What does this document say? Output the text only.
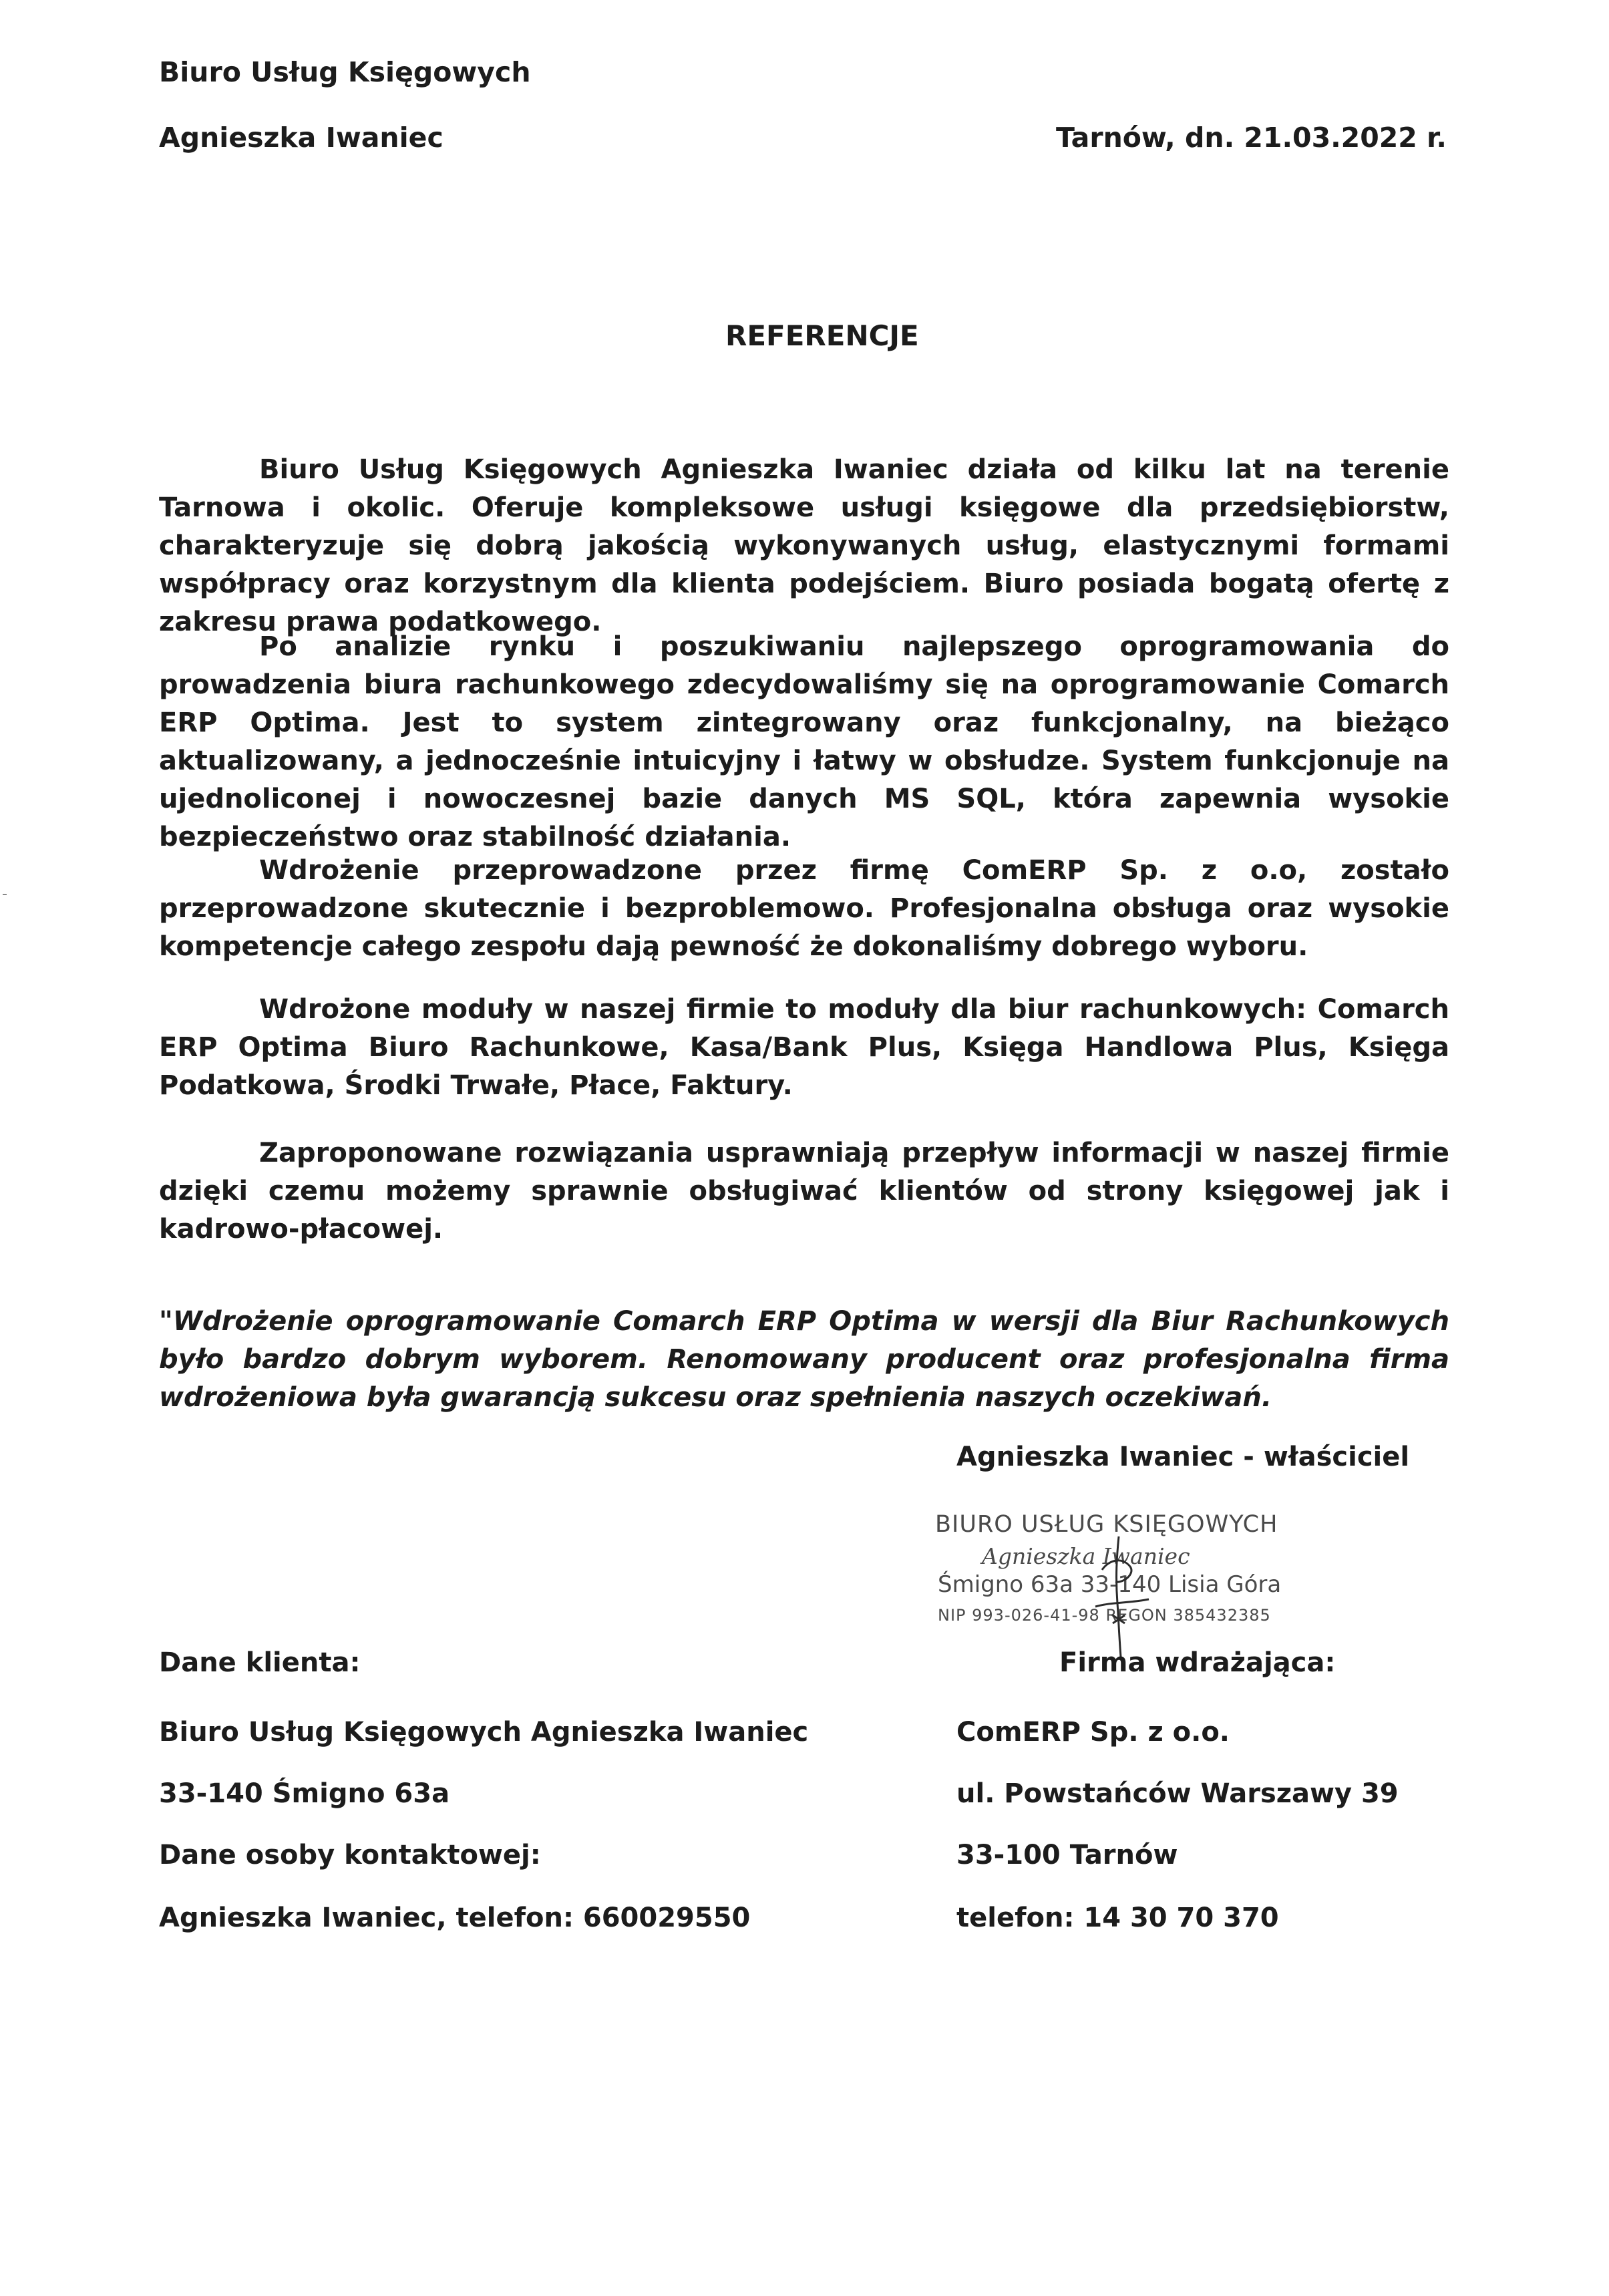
Biuro Usług Księgowych

Agnieszka Iwaniec	Tarnów, dn. 21.03.2022 r.

REFERENCJE

Biuro Usług Księgowych Agnieszka Iwaniec działa od kilku lat na terenie Tarnowa i okolic. Oferuje kompleksowe usługi księgowe dla przedsiębiorstw, charakteryzuje się dobrą jakością wykonywanych usług, elastycznymi formami współpracy oraz korzystnym dla klienta podejściem. Biuro posiada bogatą ofertę z zakresu prawa podatkowego.

Po analizie rynku i poszukiwaniu najlepszego oprogramowania do prowadzenia biura rachunkowego zdecydowaliśmy się na oprogramowanie Comarch ERP Optima. Jest to system zintegrowany oraz funkcjonalny, na bieżąco aktualizowany, a jednocześnie intuicyjny i łatwy w obsłudze. System funkcjonuje na ujednoliconej i nowoczesnej bazie danych MS SQL, która zapewnia wysokie bezpieczeństwo oraz stabilność działania.

Wdrożenie przeprowadzone przez firmę ComERP Sp. z o.o, zostało przeprowadzone skutecznie i bezproblemowo. Profesjonalna obsługa oraz wysokie kompetencje całego zespołu dają pewność że dokonaliśmy dobrego wyboru.

Wdrożone moduły w naszej firmie to moduły dla biur rachunkowych: Comarch ERP Optima Biuro Rachunkowe, Kasa/Bank Plus, Księga Handlowa Plus, Księga Podatkowa, Środki Trwałe, Płace, Faktury.

Zaproponowane rozwiązania usprawniają przepływ informacji w naszej firmie dzięki czemu możemy sprawnie obsługiwać klientów od strony księgowej jak i kadrowo-płacowej.

"Wdrożenie oprogramowanie Comarch ERP Optima w wersji dla Biur Rachunkowych było bardzo dobrym wyborem. Renomowany producent oraz profesjonalna firma wdrożeniowa była gwarancją sukcesu oraz spełnienia naszych oczekiwań.

Agnieszka Iwaniec - właściciel

BIURO USŁUG KSIĘGOWYCH

Agnieszka Iwaniec

Śmigno 63a 33-140 Lisia Góra

NIP 993-026-41-98 REGON 385432385

Dane klienta:

Biuro Usług Księgowych Agnieszka Iwaniec

33-140 Śmigno 63a

Dane osoby kontaktowej:

Agnieszka Iwaniec, telefon: 660029550

Firma wdrażająca:

ComERP Sp. z o.o.

ul. Powstańców Warszawy 39

33-100 Tarnów

telefon: 14 30 70 370
